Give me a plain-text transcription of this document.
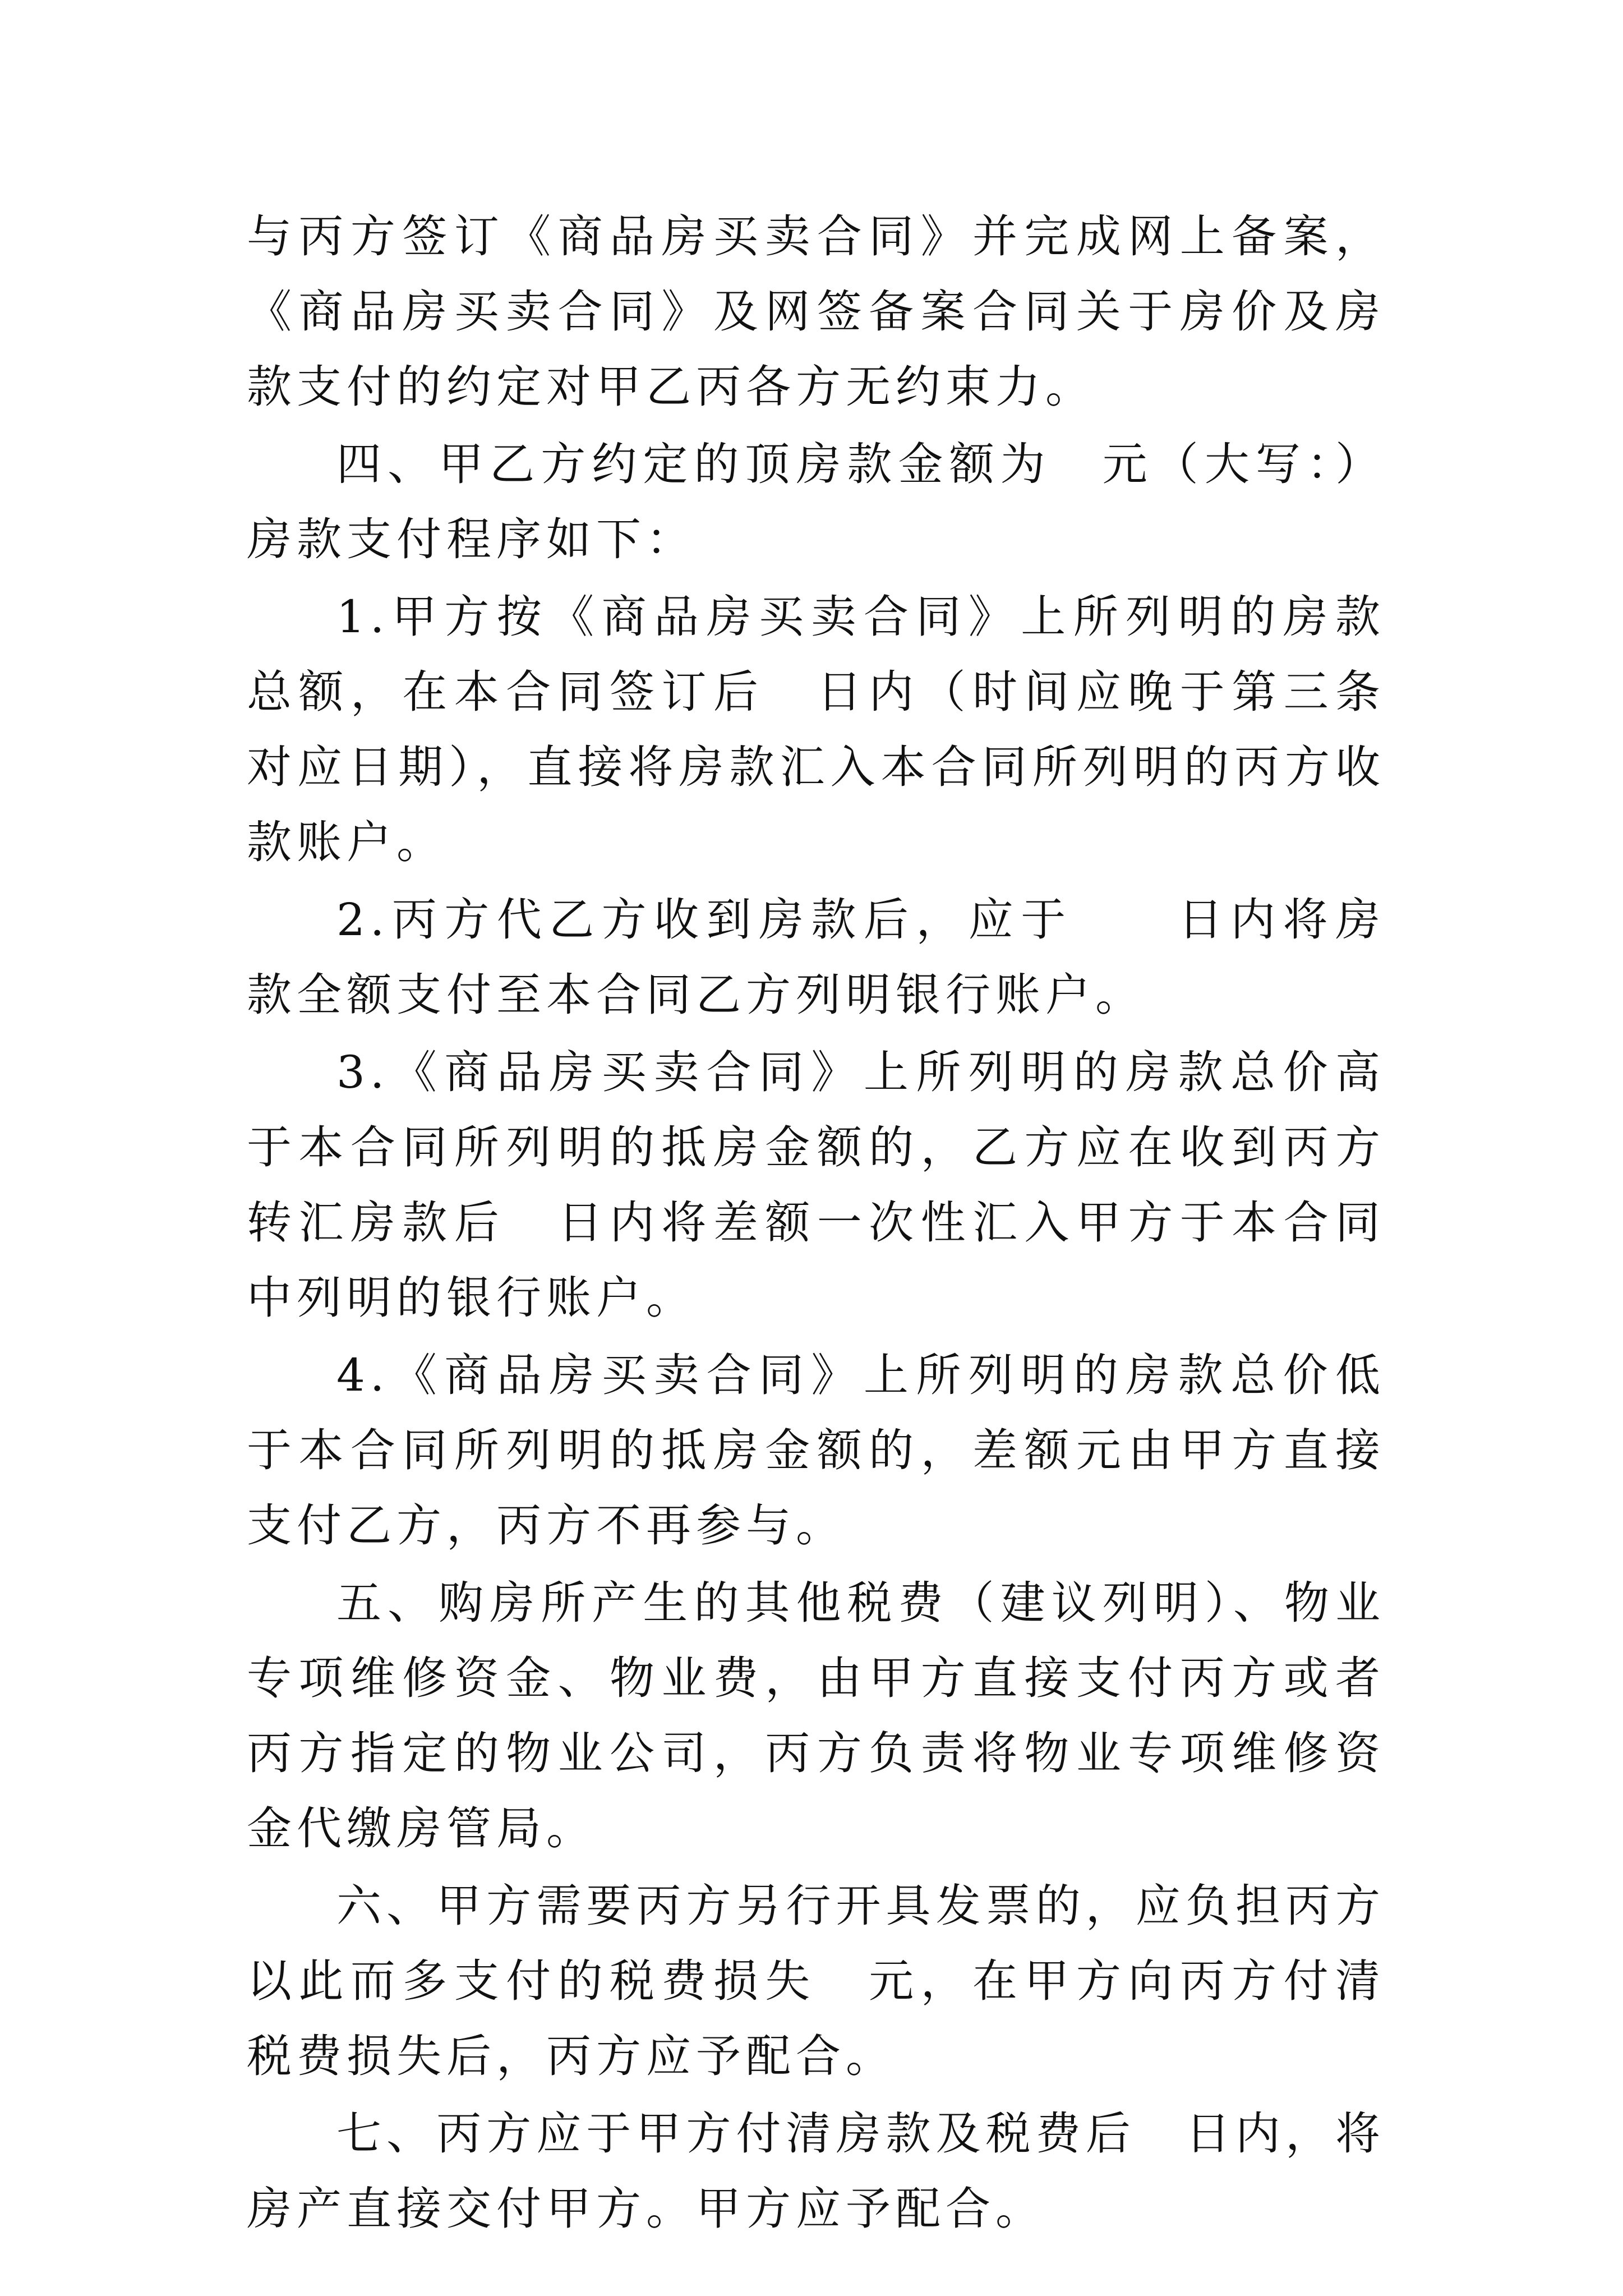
与丙方签订《商品房买卖合同》并完成网上备案，《商品房买卖合同》及网签备案合同关于房价及房款支付的约定对甲乙丙各方无约束力。

四、甲乙方约定的顶房款金额为　元（大写：）房款支付程序如下：

1.甲方按《商品房买卖合同》上所列明的房款总额，在本合同签订后　日内（时间应晚于第三条对应日期），直接将房款汇入本合同所列明的丙方收款账户。

2.丙方代乙方收到房款后，应于　　日内将房款全额支付至本合同乙方列明银行账户。

3.《商品房买卖合同》上所列明的房款总价高于本合同所列明的抵房金额的，乙方应在收到丙方转汇房款后　日内将差额一次性汇入甲方于本合同中列明的银行账户。

4.《商品房买卖合同》上所列明的房款总价低于本合同所列明的抵房金额的，差额元由甲方直接支付乙方，丙方不再参与。

五、购房所产生的其他税费（建议列明）、物业专项维修资金、物业费，由甲方直接支付丙方或者丙方指定的物业公司，丙方负责将物业专项维修资金代缴房管局。

六、甲方需要丙方另行开具发票的，应负担丙方以此而多支付的税费损失　元，在甲方向丙方付清税费损失后，丙方应予配合。

七、丙方应于甲方付清房款及税费后　日内，将房产直接交付甲方。甲方应予配合。
